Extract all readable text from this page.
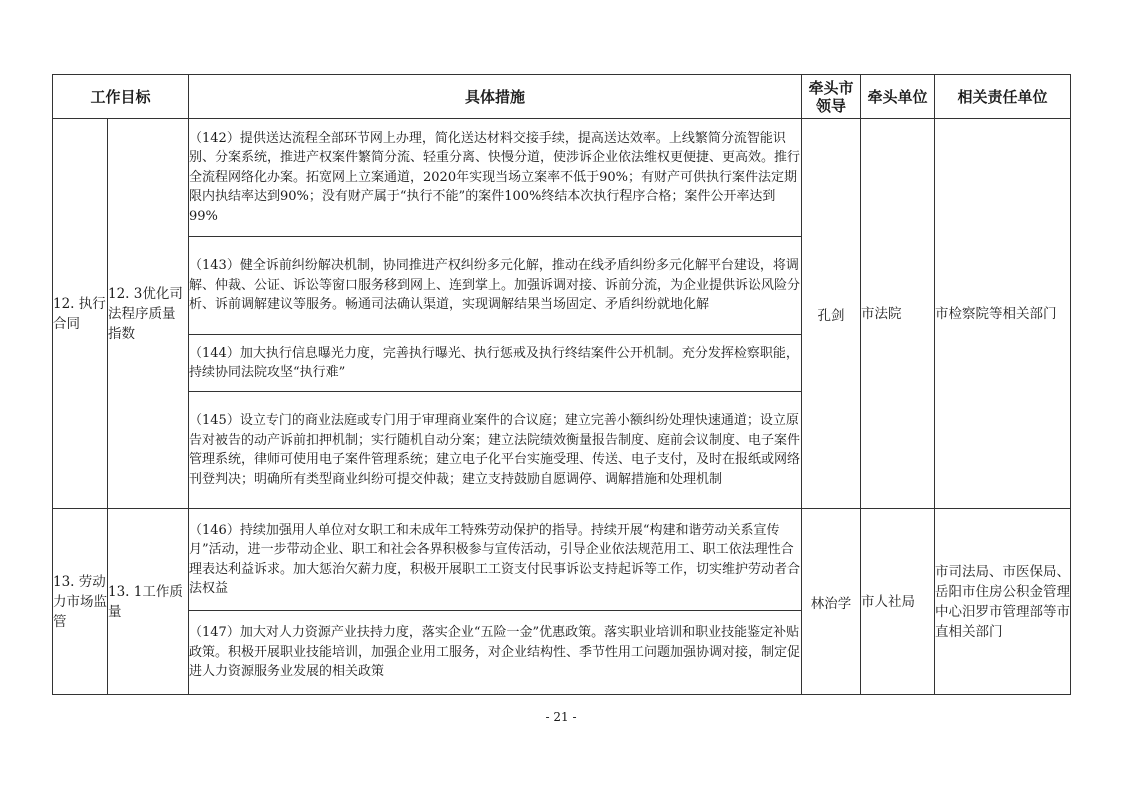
工作目标		具体措施	牵头市领导	牵头单位	相关责任单位
12. 执行合同	12. 3优化司法程序质量指数	（142）提供送达流程全部环节网上办理，简化送达材料交接手续，提高送达效率。上线繁简分流智能识别、分案系统，推进产权案件繁简分流、轻重分离、快慢分道，使涉诉企业依法维权更便捷、更高效。推行全流程网络化办案。拓宽网上立案通道，2020年实现当场立案率不低于90%；有财产可供执行案件法定期限内执结率达到90%；没有财产属于“执行不能”的案件100%终结本次执行程序合格；案件公开率达到99%	孔剑	市法院	市检察院等相关部门
		（143）健全诉前纠纷解决机制，协同推进产权纠纷多元化解，推动在线矛盾纠纷多元化解平台建设，将调解、仲裁、公证、诉讼等窗口服务移到网上、连到掌上。加强诉调对接、诉前分流，为企业提供诉讼风险分析、诉前调解建议等服务。畅通司法确认渠道，实现调解结果当场固定、矛盾纠纷就地化解			
		（144）加大执行信息曝光力度，完善执行曝光、执行惩戒及执行终结案件公开机制。充分发挥检察职能，持续协同法院攻坚“执行难”			
		（145）设立专门的商业法庭或专门用于审理商业案件的合议庭；建立完善小额纠纷处理快速通道；设立原告对被告的动产诉前扣押机制；实行随机自动分案；建立法院绩效衡量报告制度、庭前会议制度、电子案件管理系统，律师可使用电子案件管理系统；建立电子化平台实施受理、传送、电子支付，及时在报纸或网络刊登判决；明确所有类型商业纠纷可提交仲裁；建立支持鼓励自愿调停、调解措施和处理机制			
13. 劳动力市场监管	13. 1工作质量	（146）持续加强用人单位对女职工和未成年工特殊劳动保护的指导。持续开展“构建和谐劳动关系宣传月”活动，进一步带动企业、职工和社会各界积极参与宣传活动，引导企业依法规范用工、职工依法理性合理表达利益诉求。加大惩治欠薪力度，积极开展职工工资支付民事诉讼支持起诉等工作，切实维护劳动者合法权益	林治学	市人社局	市司法局、市医保局、岳阳市住房公积金管理中心汨罗市管理部等市直相关部门
		（147）加大对人力资源产业扶持力度，落实企业“五险一金”优惠政策。落实职业培训和职业技能鉴定补贴政策。积极开展职业技能培训，加强企业用工服务，对企业结构性、季节性用工问题加强协调对接，制定促进人力资源服务业发展的相关政策			
- 21 -
